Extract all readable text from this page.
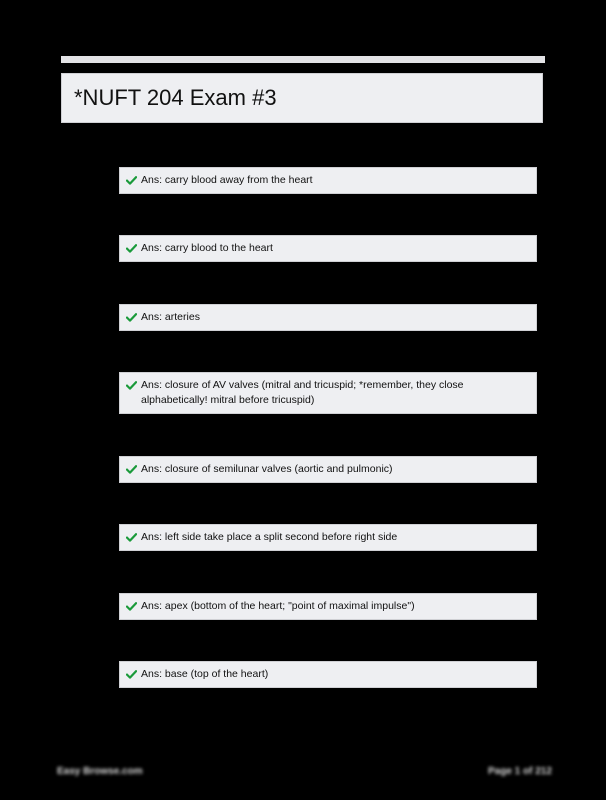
*NUFT 204 Exam #3
Ans: carry blood away from the heart
Ans: carry blood to the heart
Ans: arteries
Ans: closure of AV valves (mitral and tricuspid; *remember, they close alphabetically! mitral before tricuspid)
Ans: closure of semilunar valves (aortic and pulmonic)
Ans: left side take place a split second before right side
Ans: apex (bottom of the heart; "point of maximal impulse")
Ans: base (top of the heart)
Easy Browse.com	Page 1 of 212
